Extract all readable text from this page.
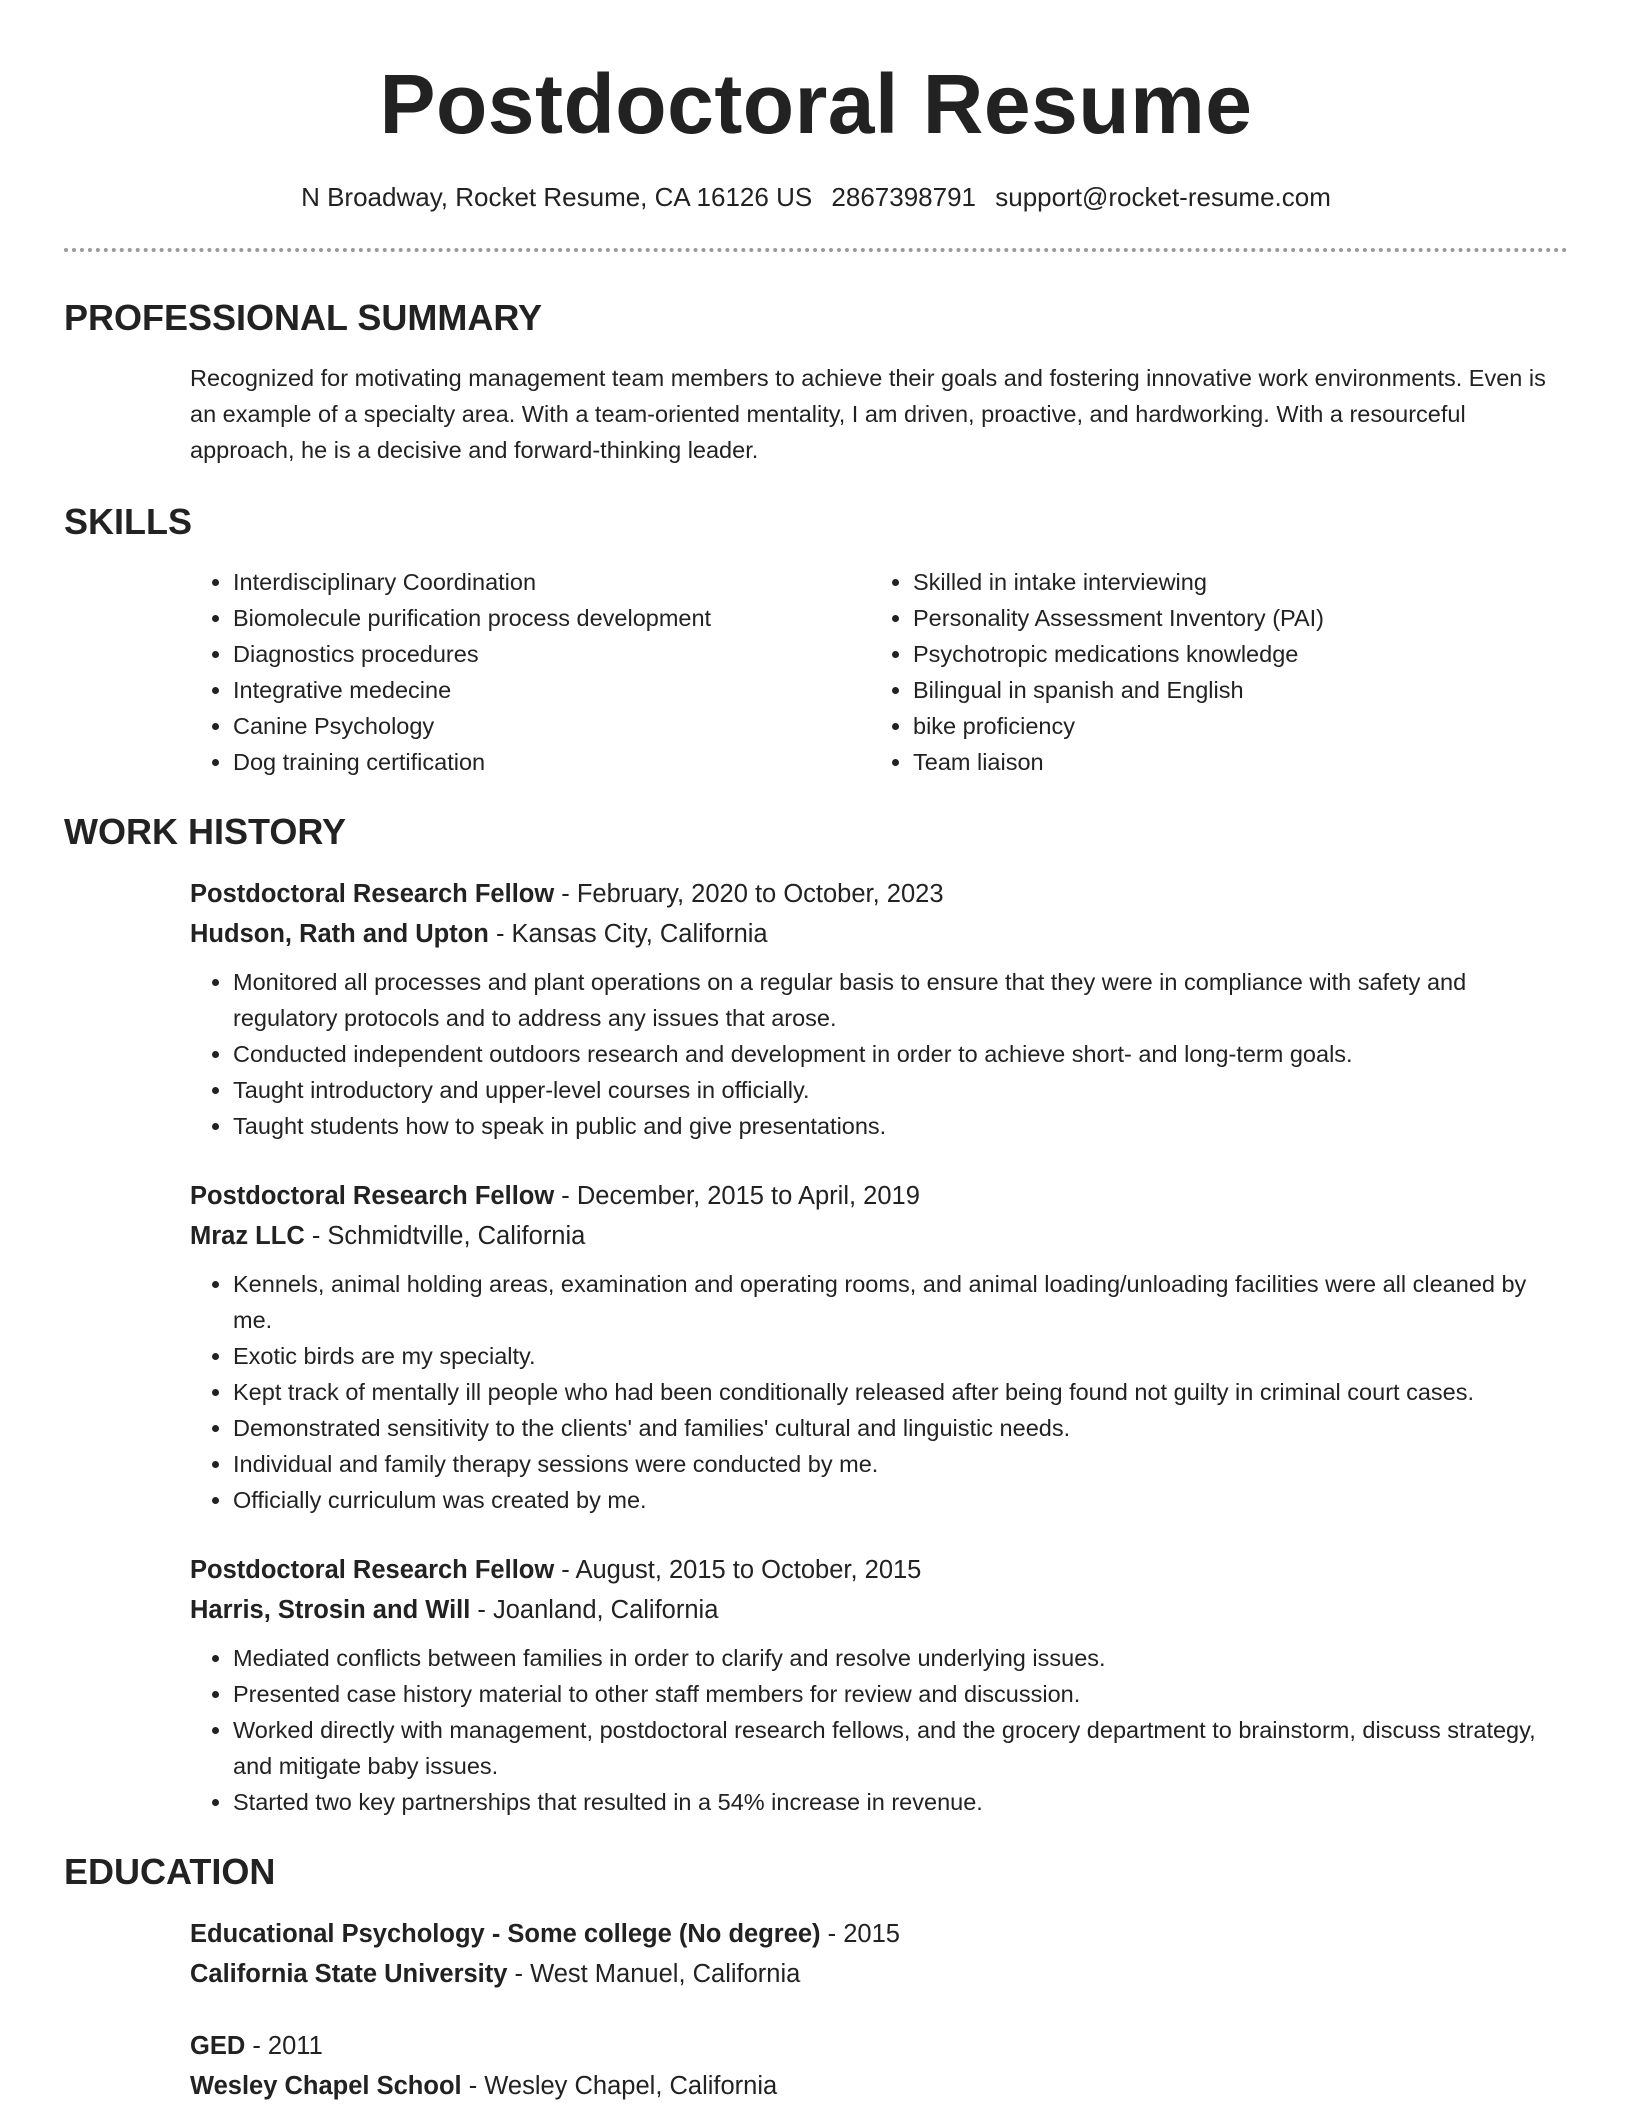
Postdoctoral Resume
N Broadway, Rocket Resume, CA 16126 US 2867398791 support@rocket-resume.com
PROFESSIONAL SUMMARY
Recognized for motivating management team members to achieve their goals and fostering innovative work environments. Even is an example of a specialty area. With a team-oriented mentality, I am driven, proactive, and hardworking. With a resourceful approach, he is a decisive and forward-thinking leader.
SKILLS
• Interdisciplinary Coordination
• Biomolecule purification process development
• Diagnostics procedures
• Integrative medecine
• Canine Psychology
• Dog training certification
• Skilled in intake interviewing
• Personality Assessment Inventory (PAI)
• Psychotropic medications knowledge
• Bilingual in spanish and English
• bike proficiency
• Team liaison
WORK HISTORY
Postdoctoral Research Fellow - February, 2020 to October, 2023
Hudson, Rath and Upton - Kansas City, California
• Monitored all processes and plant operations on a regular basis to ensure that they were in compliance with safety and regulatory protocols and to address any issues that arose.
• Conducted independent outdoors research and development in order to achieve short- and long-term goals.
• Taught introductory and upper-level courses in officially.
• Taught students how to speak in public and give presentations.
Postdoctoral Research Fellow - December, 2015 to April, 2019
Mraz LLC - Schmidtville, California
• Kennels, animal holding areas, examination and operating rooms, and animal loading/unloading facilities were all cleaned by me.
• Exotic birds are my specialty.
• Kept track of mentally ill people who had been conditionally released after being found not guilty in criminal court cases.
• Demonstrated sensitivity to the clients' and families' cultural and linguistic needs.
• Individual and family therapy sessions were conducted by me.
• Officially curriculum was created by me.
Postdoctoral Research Fellow - August, 2015 to October, 2015
Harris, Strosin and Will - Joanland, California
• Mediated conflicts between families in order to clarify and resolve underlying issues.
• Presented case history material to other staff members for review and discussion.
• Worked directly with management, postdoctoral research fellows, and the grocery department to brainstorm, discuss strategy, and mitigate baby issues.
• Started two key partnerships that resulted in a 54% increase in revenue.
EDUCATION
Educational Psychology - Some college (No degree) - 2015
California State University - West Manuel, California
GED - 2011
Wesley Chapel School - Wesley Chapel, California
